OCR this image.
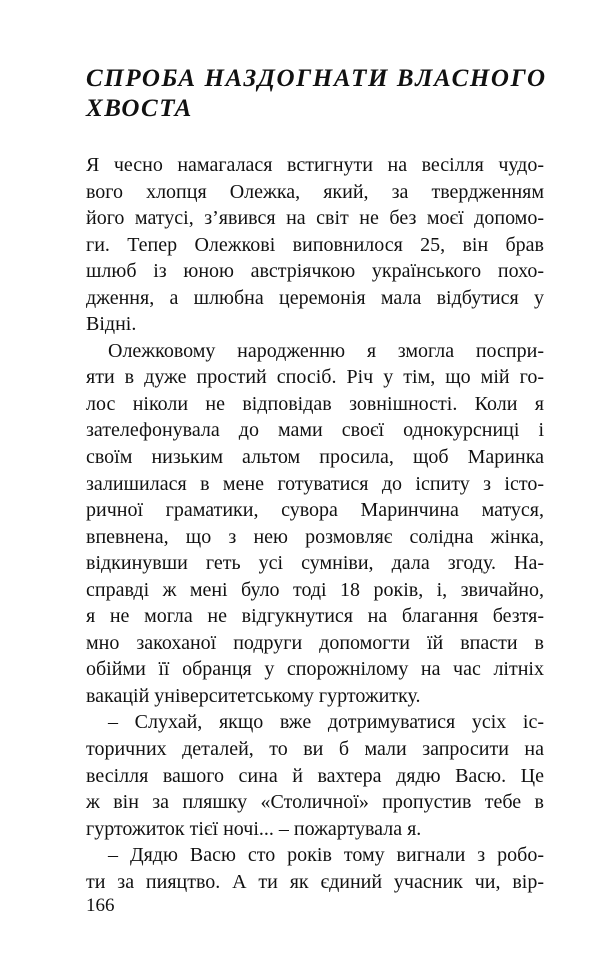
СПРОБА НАЗДОГНАТИ ВЛАСНОГО
ХВОСТА
Я чесно намагалася встигнути на весілля чудо-
вого хлопця Олежка, який, за твердженням
його матусі, з’явився на світ не без моєї допомо-
ги. Тепер Олежкові виповнилося 25, він брав
шлюб із юною австріячкою українського похо-
дження, а шлюбна церемонія мала відбутися у
Відні.
Олежковому народженню я змогла поспри-
яти в дуже простий спосіб. Річ у тім, що мій го-
лос ніколи не відповідав зовнішності. Коли я
зателефонувала до мами своєї однокурсниці і
своїм низьким альтом просила, щоб Маринка
залишилася в мене готуватися до іспиту з істо-
ричної граматики, сувора Маринчина матуся,
впевнена, що з нею розмовляє солідна жінка,
відкинувши геть усі сумніви, дала згоду. На-
справді ж мені було тоді 18 років, і, звичайно,
я не могла не відгукнутися на благання безтя-
мно закоханої подруги допомогти їй впасти в
обійми її обранця у спорожнілому на час літніх
вакацій університетському гуртожитку.
– Слухай, якщо вже дотримуватися усіх іс-
торичних деталей, то ви б мали запросити на
весілля вашого сина й вахтера дядю Васю. Це
ж він за пляшку «Столичної» пропустив тебе в
гуртожиток тієї ночі... – пожартувала я.
– Дядю Васю сто років тому вигнали з робо-
ти за пияцтво. А ти як єдиний учасник чи, вір-
166
